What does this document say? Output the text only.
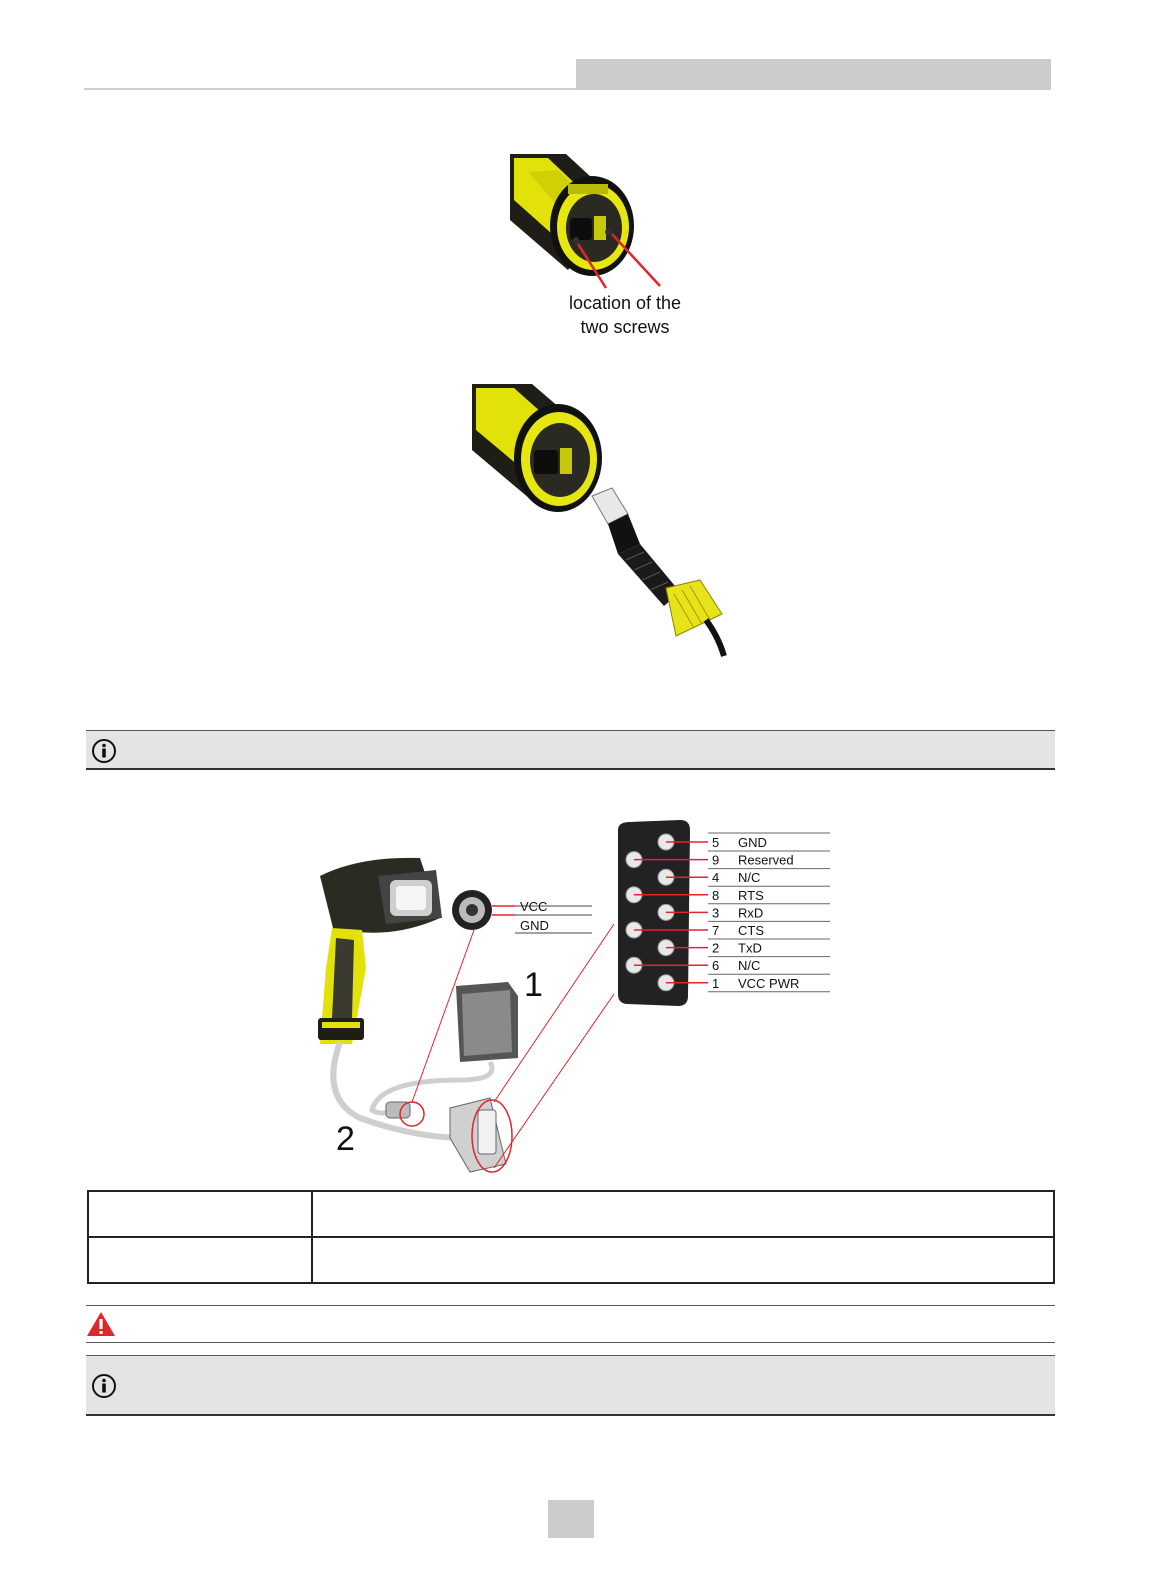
location of the
two screws
VCC
GND
1
2
5 GND
9 Reserved
4 N/C
8 RTS
3 RxD
7 CTS
2 TxD
6 N/C
1 VCC PWR
